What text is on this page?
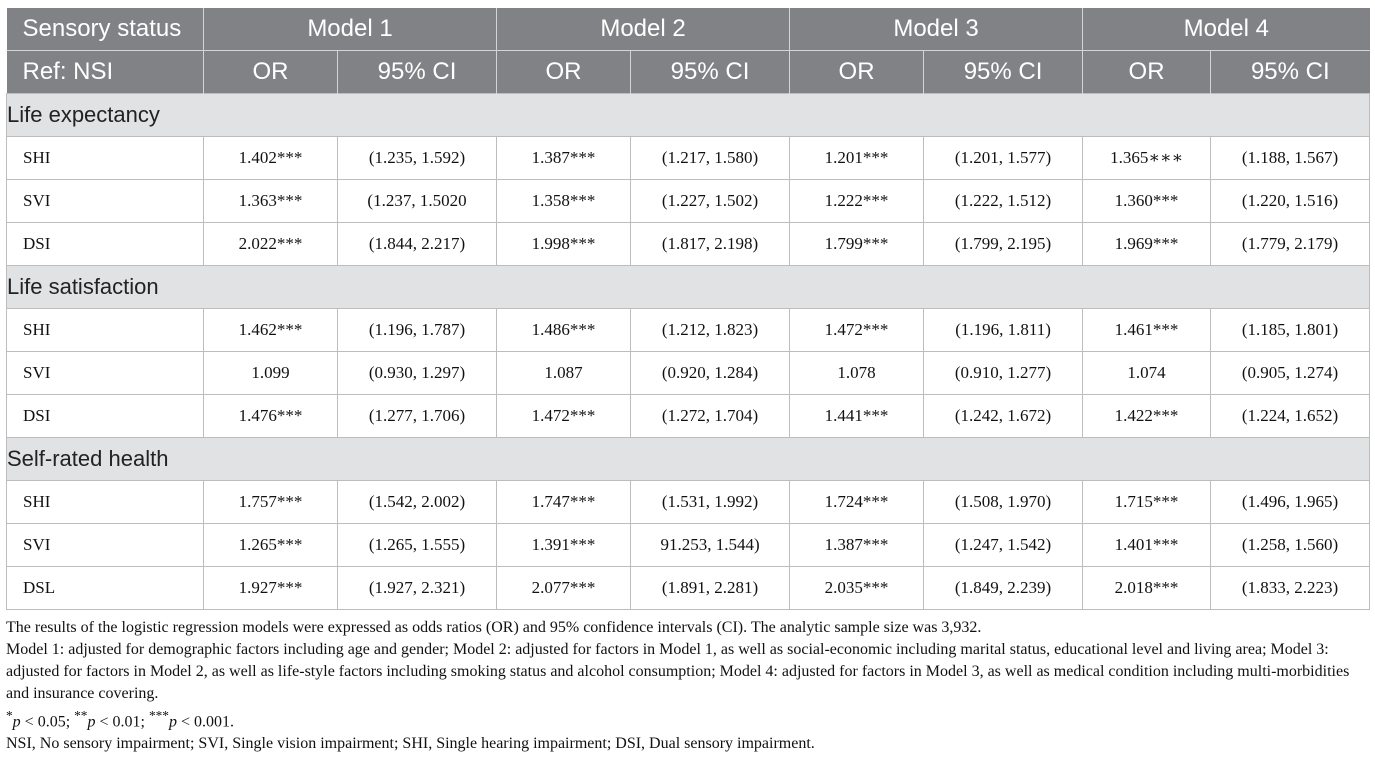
Sensory status	Model 1		Model 2		Model 3		Model 4	
Ref: NSI	OR	95% CI	OR	95% CI	OR	95% CI	OR	95% CI
Life expectancy								
SHI	1.402***	(1.235, 1.592)	1.387***	(1.217, 1.580)	1.201***	(1.201, 1.577)	1.365∗∗∗	(1.188, 1.567)
SVI	1.363***	(1.237, 1.5020	1.358***	(1.227, 1.502)	1.222***	(1.222, 1.512)	1.360***	(1.220, 1.516)
DSI	2.022***	(1.844, 2.217)	1.998***	(1.817, 2.198)	1.799***	(1.799, 2.195)	1.969***	(1.779, 2.179)
Life satisfaction								
SHI	1.462***	(1.196, 1.787)	1.486***	(1.212, 1.823)	1.472***	(1.196, 1.811)	1.461***	(1.185, 1.801)
SVI	1.099	(0.930, 1.297)	1.087	(0.920, 1.284)	1.078	(0.910, 1.277)	1.074	(0.905, 1.274)
DSI	1.476***	(1.277, 1.706)	1.472***	(1.272, 1.704)	1.441***	(1.242, 1.672)	1.422***	(1.224, 1.652)
Self-rated health								
SHI	1.757***	(1.542, 2.002)	1.747***	(1.531, 1.992)	1.724***	(1.508, 1.970)	1.715***	(1.496, 1.965)
SVI	1.265***	(1.265, 1.555)	1.391***	91.253, 1.544)	1.387***	(1.247, 1.542)	1.401***	(1.258, 1.560)
DSL	1.927***	(1.927, 2.321)	2.077***	(1.891, 2.281)	2.035***	(1.849, 2.239)	2.018***	(1.833, 2.223)

The results of the logistic regression models were expressed as odds ratios (OR) and 95% confidence intervals (CI). The analytic sample size was 3,932.

Model 1: adjusted for demographic factors including age and gender; Model 2: adjusted for factors in Model 1, as well as social-economic including marital status, educational level and living area; Model 3: adjusted for factors in Model 2, as well as life-style factors including smoking status and alcohol consumption; Model 4: adjusted for factors in Model 3, as well as medical condition including multi-morbidities and insurance covering.

*p < 0.05; **p < 0.01; ***p < 0.001.

NSI, No sensory impairment; SVI, Single vision impairment; SHI, Single hearing impairment; DSI, Dual sensory impairment.
